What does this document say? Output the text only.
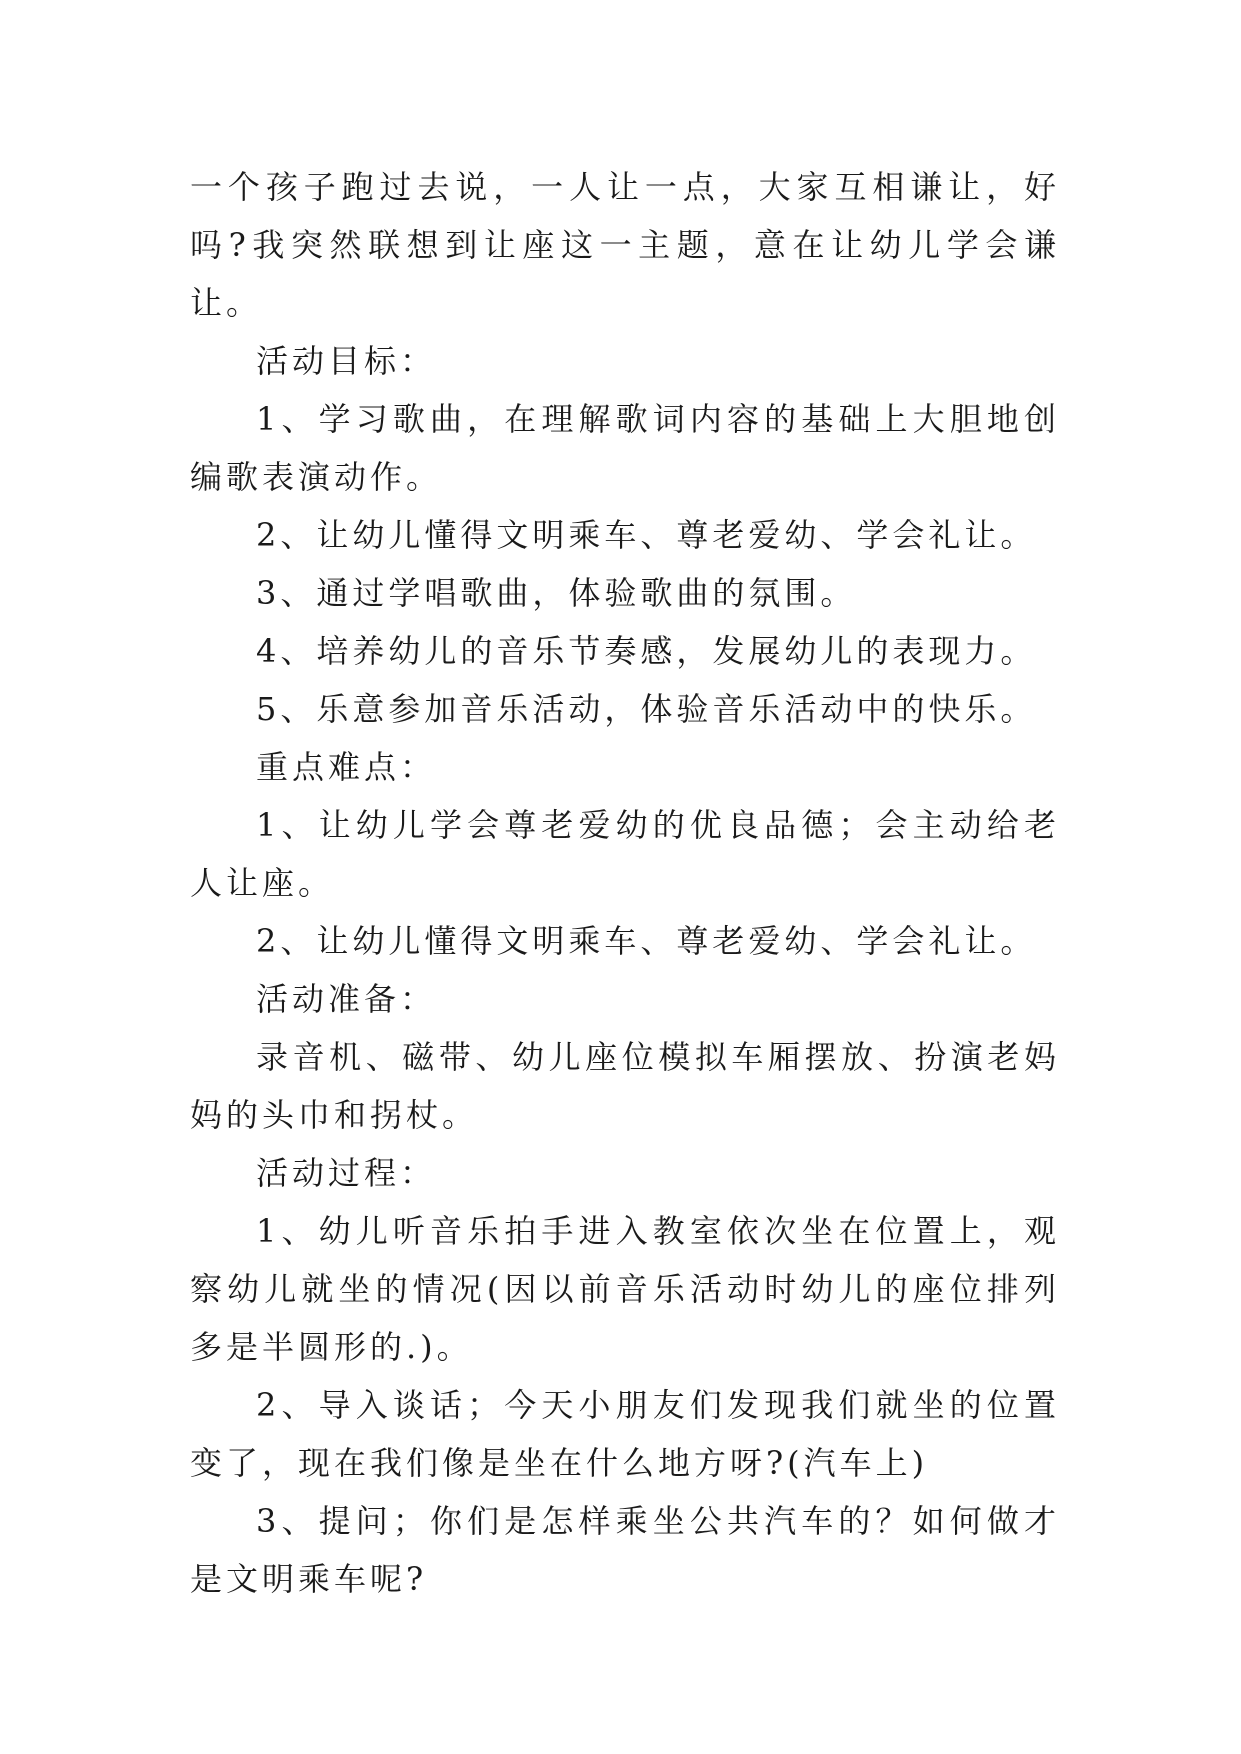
一个孩子跑过去说，一人让一点，大家互相谦让，好吗?我突然联想到让座这一主题，意在让幼儿学会谦让。

活动目标：

1、学习歌曲，在理解歌词内容的基础上大胆地创编歌表演动作。

2、让幼儿懂得文明乘车、尊老爱幼、学会礼让。

3、通过学唱歌曲，体验歌曲的氛围。

4、培养幼儿的音乐节奏感，发展幼儿的表现力。

5、乐意参加音乐活动，体验音乐活动中的快乐。

重点难点：

1、让幼儿学会尊老爱幼的优良品德；会主动给老人让座。

2、让幼儿懂得文明乘车、尊老爱幼、学会礼让。

活动准备：

录音机、磁带、幼儿座位模拟车厢摆放、扮演老妈妈的头巾和拐杖。

活动过程：

1、幼儿听音乐拍手进入教室依次坐在位置上，观察幼儿就坐的情况(因以前音乐活动时幼儿的座位排列多是半圆形的.)。

2、导入谈话；今天小朋友们发现我们就坐的位置变了，现在我们像是坐在什么地方呀?(汽车上)

3、提问；你们是怎样乘坐公共汽车的？如何做才是文明乘车呢?
